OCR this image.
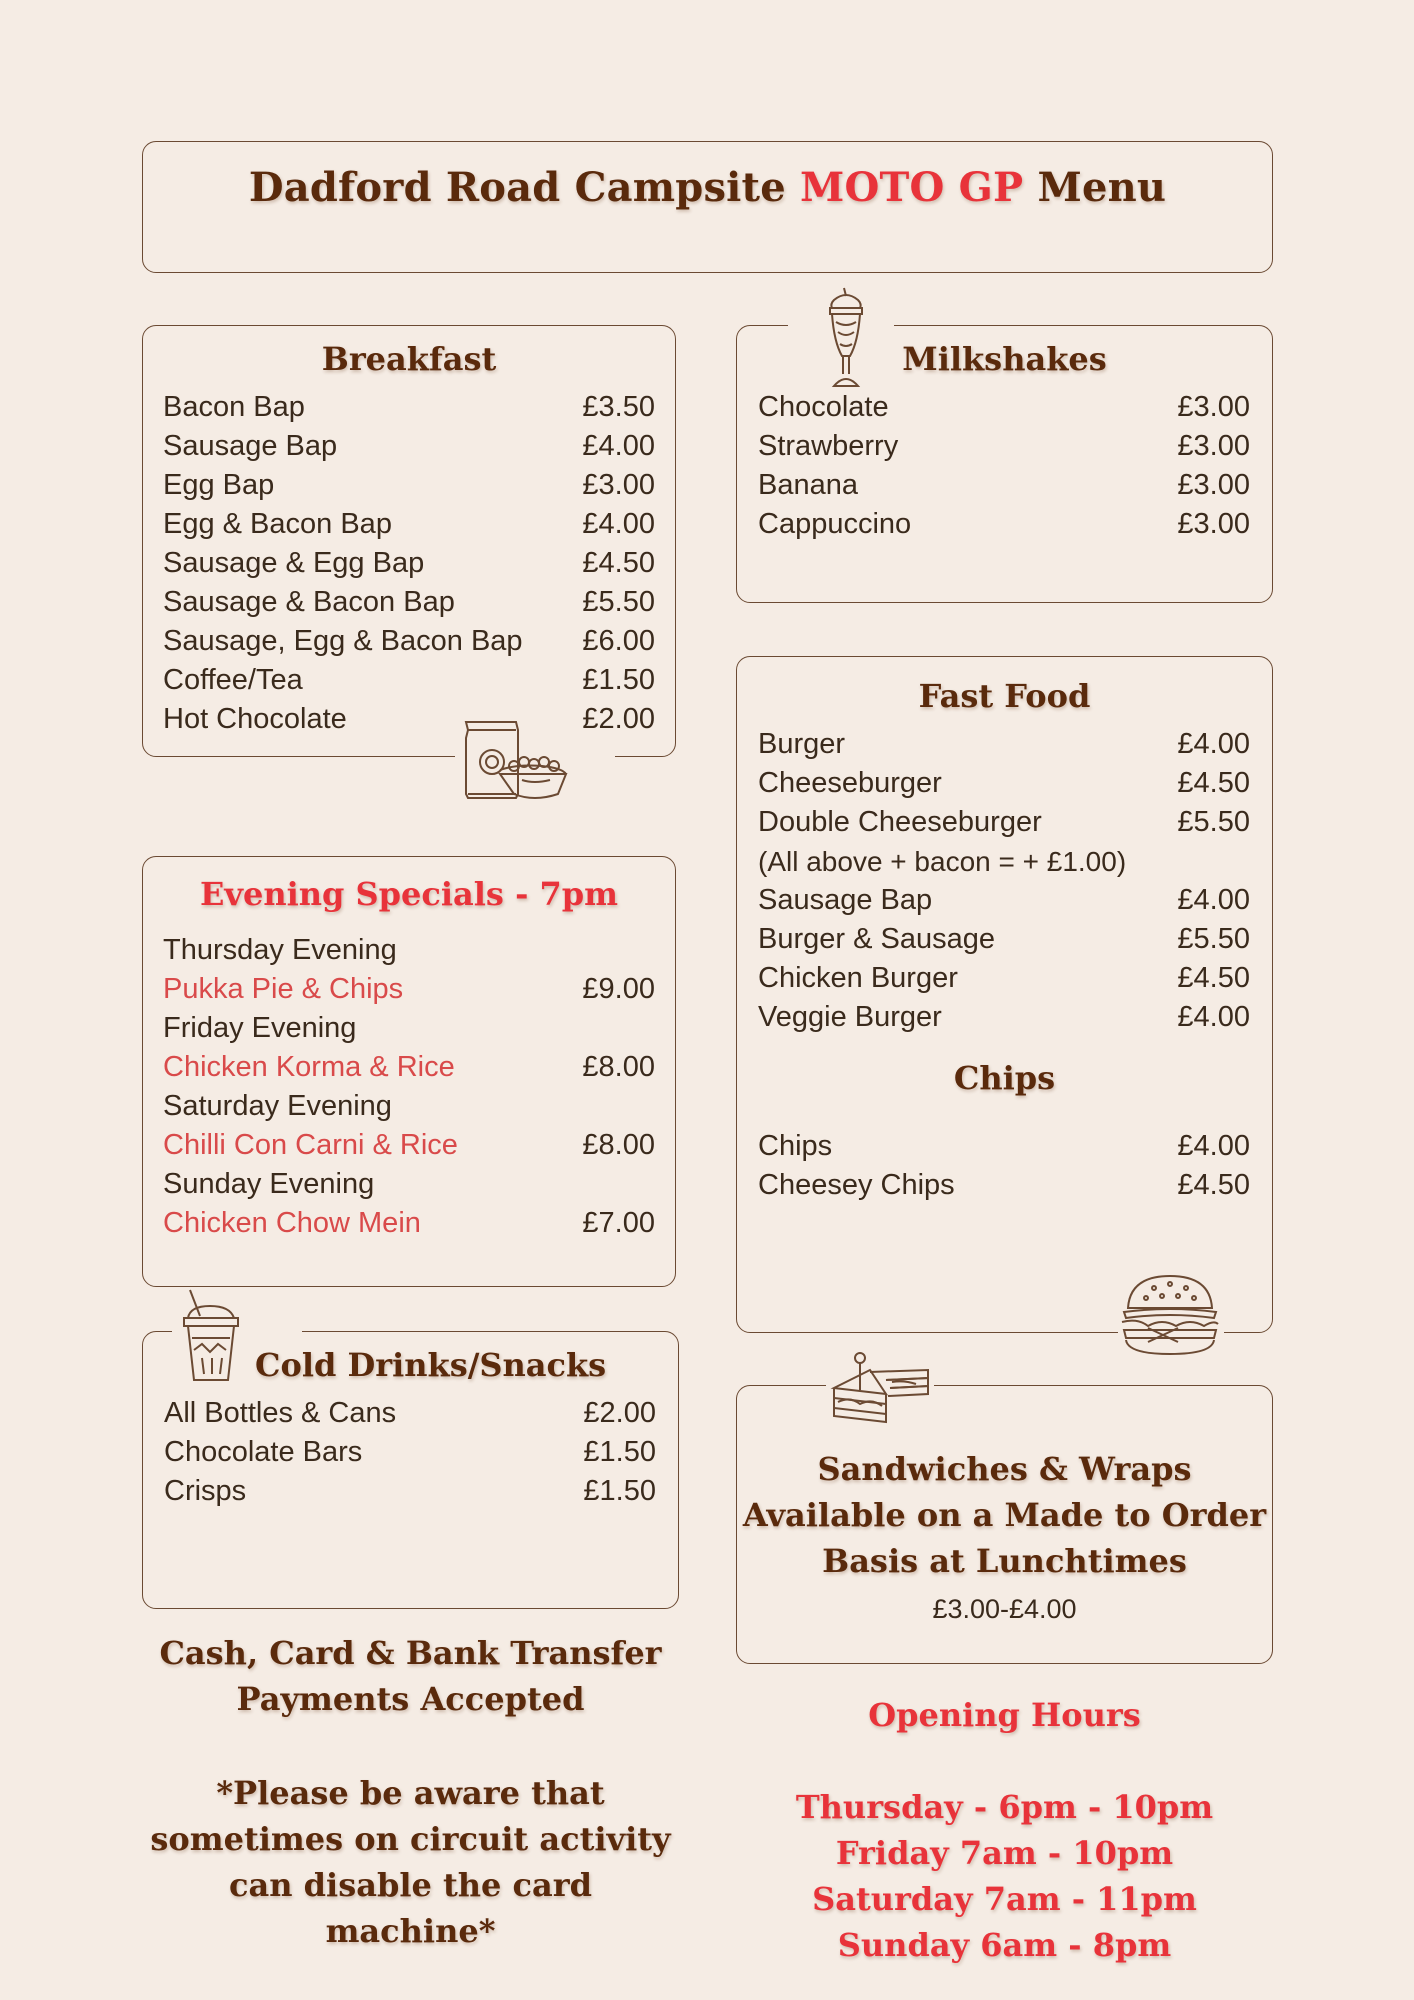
Dadford Road Campsite MOTO GP Menu
Breakfast
Bacon Bap	£3.50
Sausage Bap	£4.00
Egg Bap	£3.00
Egg & Bacon Bap	£4.00
Sausage & Egg Bap	£4.50
Sausage & Bacon Bap	£5.50
Sausage, Egg & Bacon Bap £6.00
Coffee/Tea	£1.50
Hot Chocolate	£2.00
Milkshakes
Chocolate	£3.00
Strawberry	£3.00
Banana	£3.00
Cappuccino	£3.00
Evening Specials - 7pm
Thursday Evening
Pukka Pie & Chips	£9.00
Friday Evening
Chicken Korma & Rice	£8.00
Saturday Evening
Chilli Con Carni & Rice	£8.00
Sunday Evening
Chicken Chow Mein	£7.00
Fast Food
Burger	£4.00
Cheeseburger	£4.50
Double Cheeseburger	£5.50
(All above + bacon = + £1.00)
Sausage Bap	£4.00
Burger & Sausage	£5.50
Chicken Burger	£4.50
Veggie Burger	£4.00
Chips
Chips	£4.00
Cheesey Chips	£4.50
Cold Drinks/Snacks
All Bottles & Cans	£2.00
Chocolate Bars	£1.50
Crisps	£1.50
Sandwiches & Wraps
Available on a Made to Order
Basis at Lunchtimes
£3.00-£4.00
Cash, Card & Bank Transfer
Payments Accepted
*Please be aware that
sometimes on circuit activity
can disable the card
machine*
Opening Hours
Thursday - 6pm - 10pm
Friday 7am - 10pm
Saturday 7am - 11pm
Sunday 6am - 8pm
